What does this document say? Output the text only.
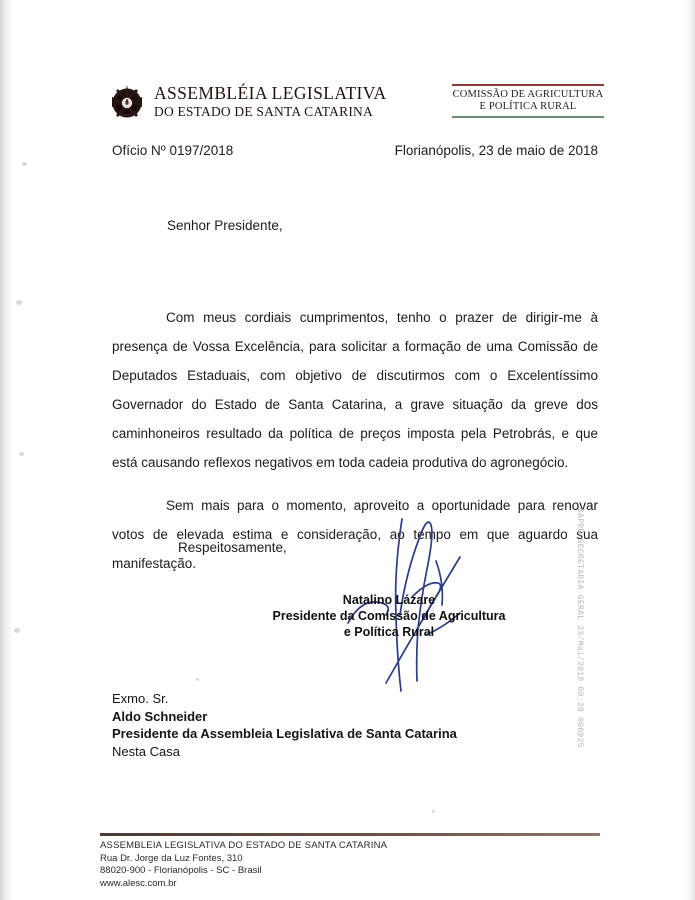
ASSEMBLÉIA LEGISLATIVA
DO ESTADO DE SANTA CATARINA
COMISSÃO DE AGRICULTURA
E POLÍTICA RURAL
Ofício Nº 0197/2018	Florianópolis, 23 de maio de 2018
Senhor Presidente,

Com meus cordiais cumprimentos, tenho o prazer de dirigir-me à presença de Vossa Excelência, para solicitar a formação de uma Comissão de Deputados Estaduais, com objetivo de discutirmos com o Excelentíssimo Governador do Estado de Santa Catarina, a grave situação da greve dos caminhoneiros resultado da política de preços imposta pela Petrobrás, e que está causando reflexos negativos em toda cadeia produtiva do agronegócio.

Sem mais para o momento, aproveito a oportunidade para renovar votos de elevada estima e consideração, ao tempo em que aguardo sua manifestação.

Respeitosamente,
Natalino Lázare
Presidente da Comissão de Agricultura
e Política Rural
Exmo. Sr.
Aldo Schneider
Presidente da Assembleia Legislativa de Santa Catarina
Nesta Casa
GAPRE-SECRETARIA GERAL 23/Mai/2018 09:28 000925
ASSEMBLEIA LEGISLATIVA DO ESTADO DE SANTA CATARINA
Rua Dr. Jorge da Luz Fontes, 310
88020-900 - Florianópolis - SC - Brasil
www.alesc.com.br
